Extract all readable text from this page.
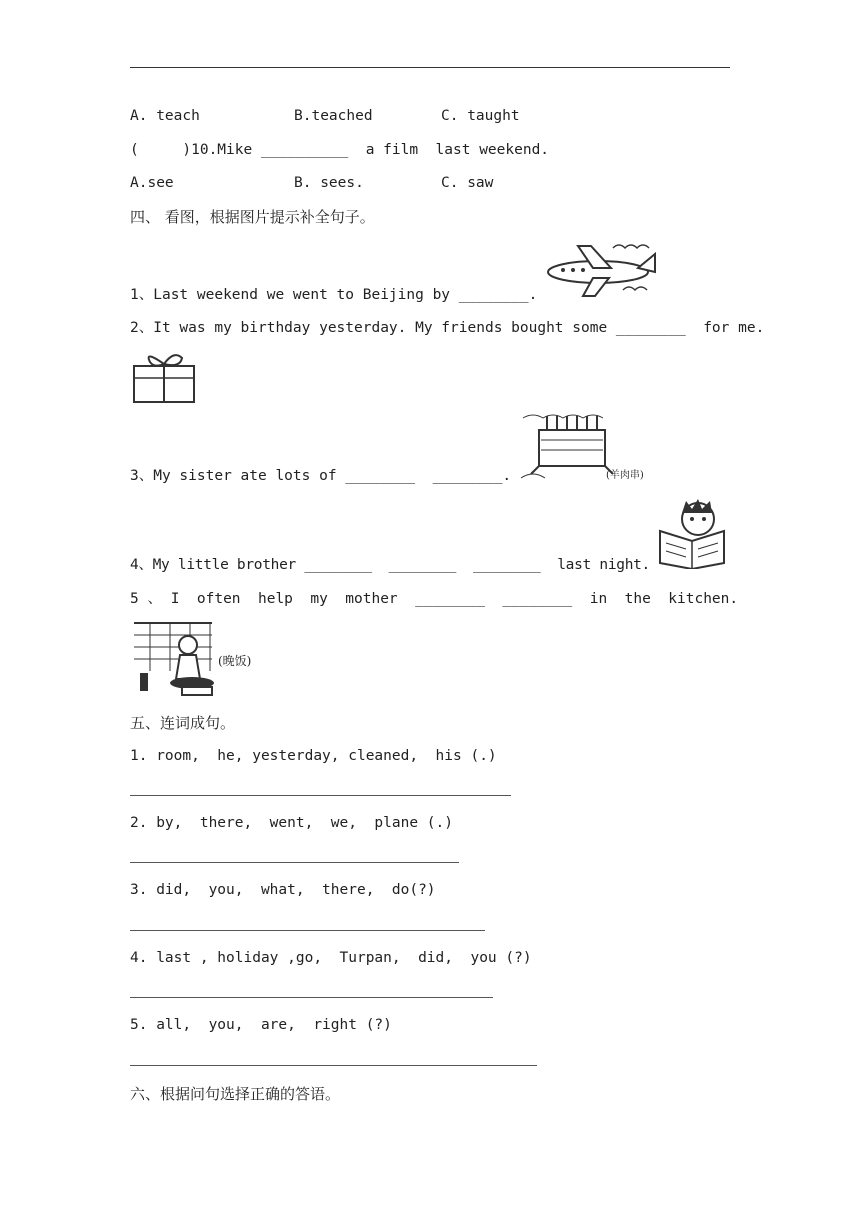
A. teach	B.teached	C. taught
(     )10.Mike __________  a film  last weekend.
A.see	B. sees.	C. saw
四、 看图，根据图片提示补全句子。
1、Last weekend we went to Beijing by ________.
2、It was my birthday yesterday. My friends bought some ________  for me.
(羊肉串)
3、My sister ate lots of ________  ________.
4、My little brother ________  ________  ________  last night.
5 、 I  often  help  my  mother  ________  ________  in  the  kitchen.
(晚饭)
五、连词成句。
1. room,  he, yesterday, cleaned,  his (.)
2. by,  there,  went,  we,  plane (.)
3. did,  you,  what,  there,  do(?)
4. last , holiday ,go,  Turpan,  did,  you (?)
5. all,  you,  are,  right (?)
六、根据问句选择正确的答语。
